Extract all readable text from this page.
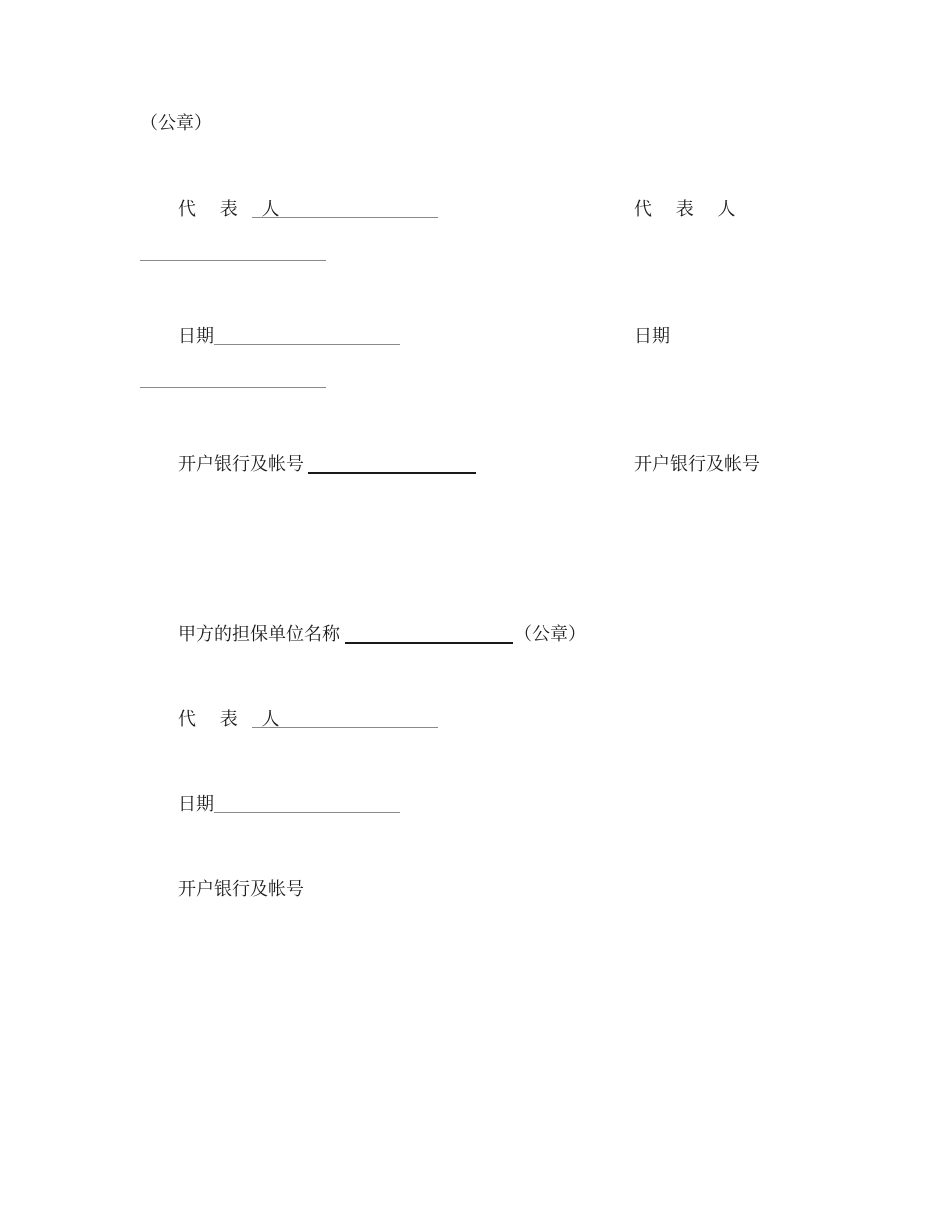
（公章）
代 表 人	代 表 人
日期	日期
开户银行及帐号	开户银行及帐号
甲方的担保单位名称	（公章）
代 表 人
日期
开户银行及帐号
